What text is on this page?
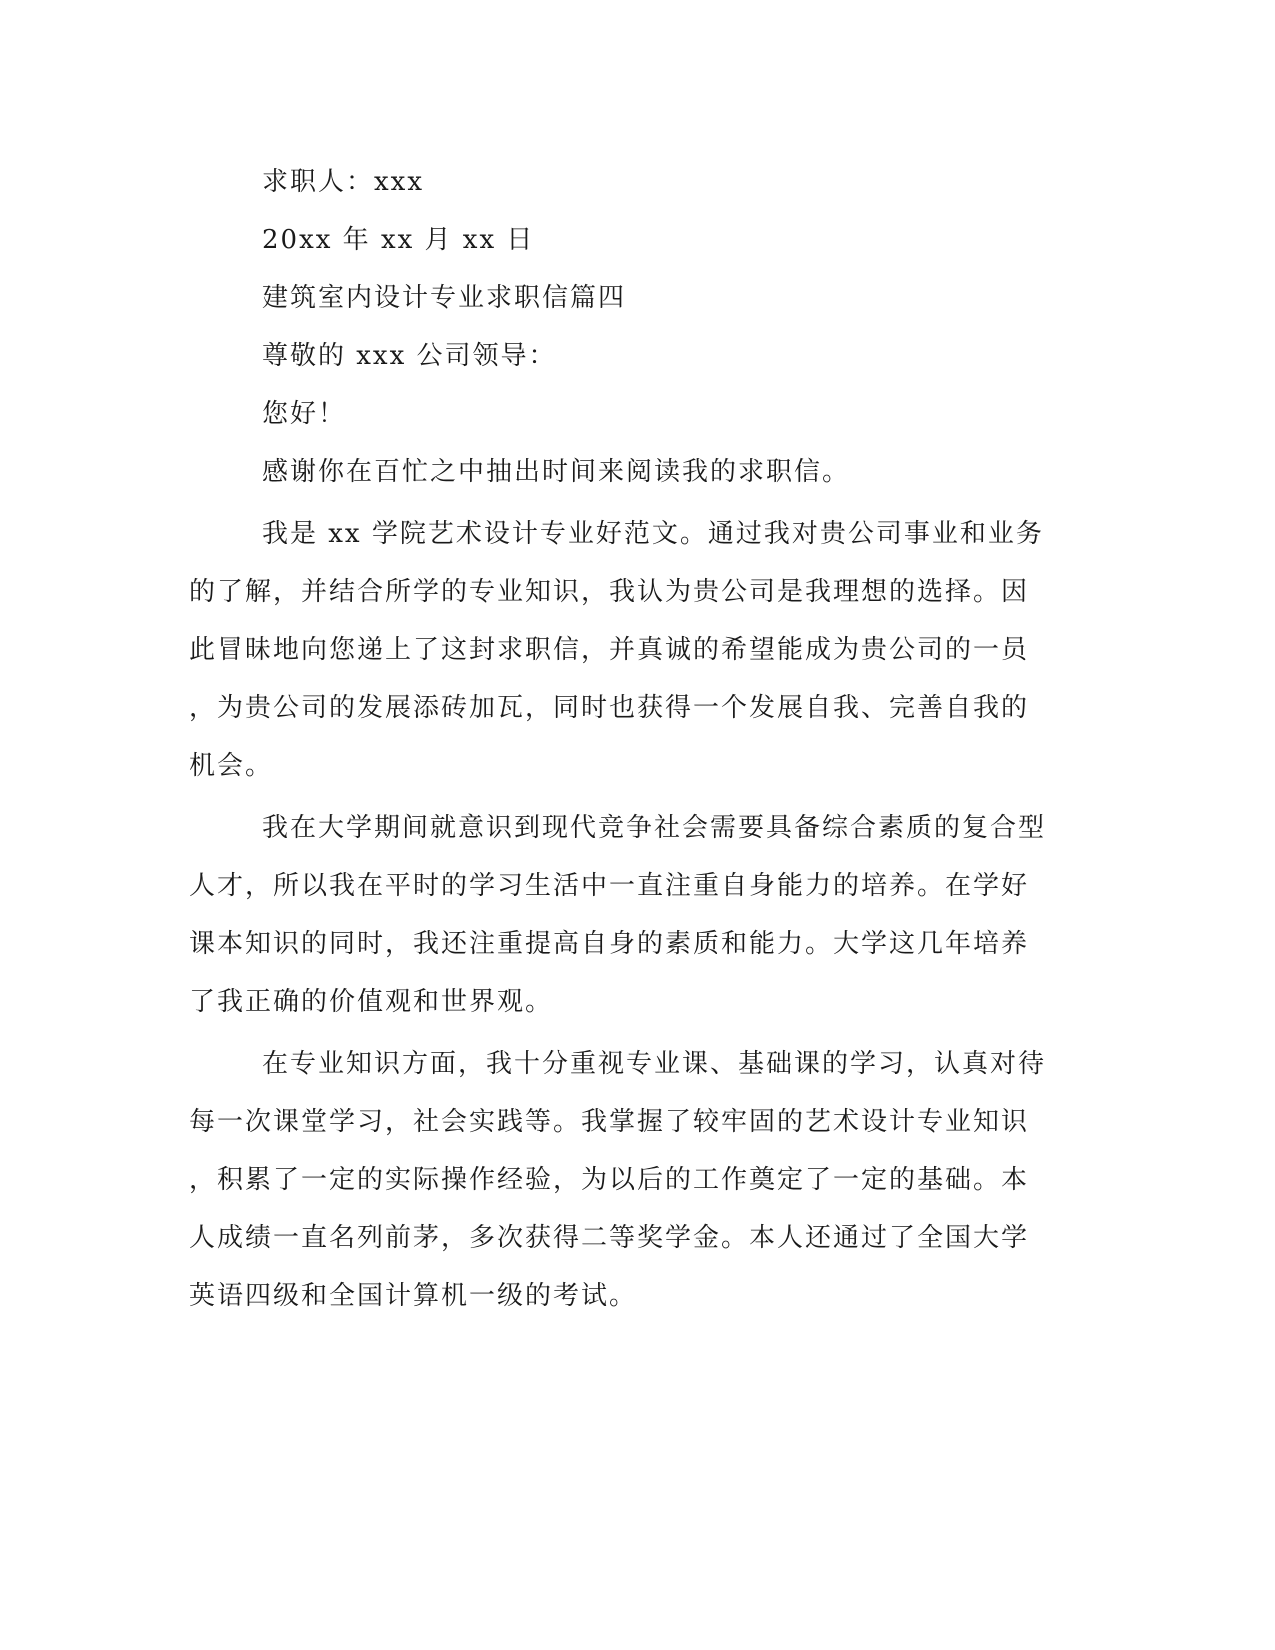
求职人：xxx
20xx 年 xx 月 xx 日
建筑室内设计专业求职信篇四
尊敬的 xxx 公司领导：
您好！
感谢你在百忙之中抽出时间来阅读我的求职信。
我是 xx 学院艺术设计专业好范文。通过我对贵公司事业和业务
的了解，并结合所学的专业知识，我认为贵公司是我理想的选择。因
此冒昧地向您递上了这封求职信，并真诚的希望能成为贵公司的一员
，为贵公司的发展添砖加瓦，同时也获得一个发展自我、完善自我的
机会。
我在大学期间就意识到现代竞争社会需要具备综合素质的复合型
人才，所以我在平时的学习生活中一直注重自身能力的培养。在学好
课本知识的同时，我还注重提高自身的素质和能力。大学这几年培养
了我正确的价值观和世界观。
在专业知识方面，我十分重视专业课、基础课的学习，认真对待
每一次课堂学习，社会实践等。我掌握了较牢固的艺术设计专业知识
，积累了一定的实际操作经验，为以后的工作奠定了一定的基础。本
人成绩一直名列前茅，多次获得二等奖学金。本人还通过了全国大学
英语四级和全国计算机一级的考试。
